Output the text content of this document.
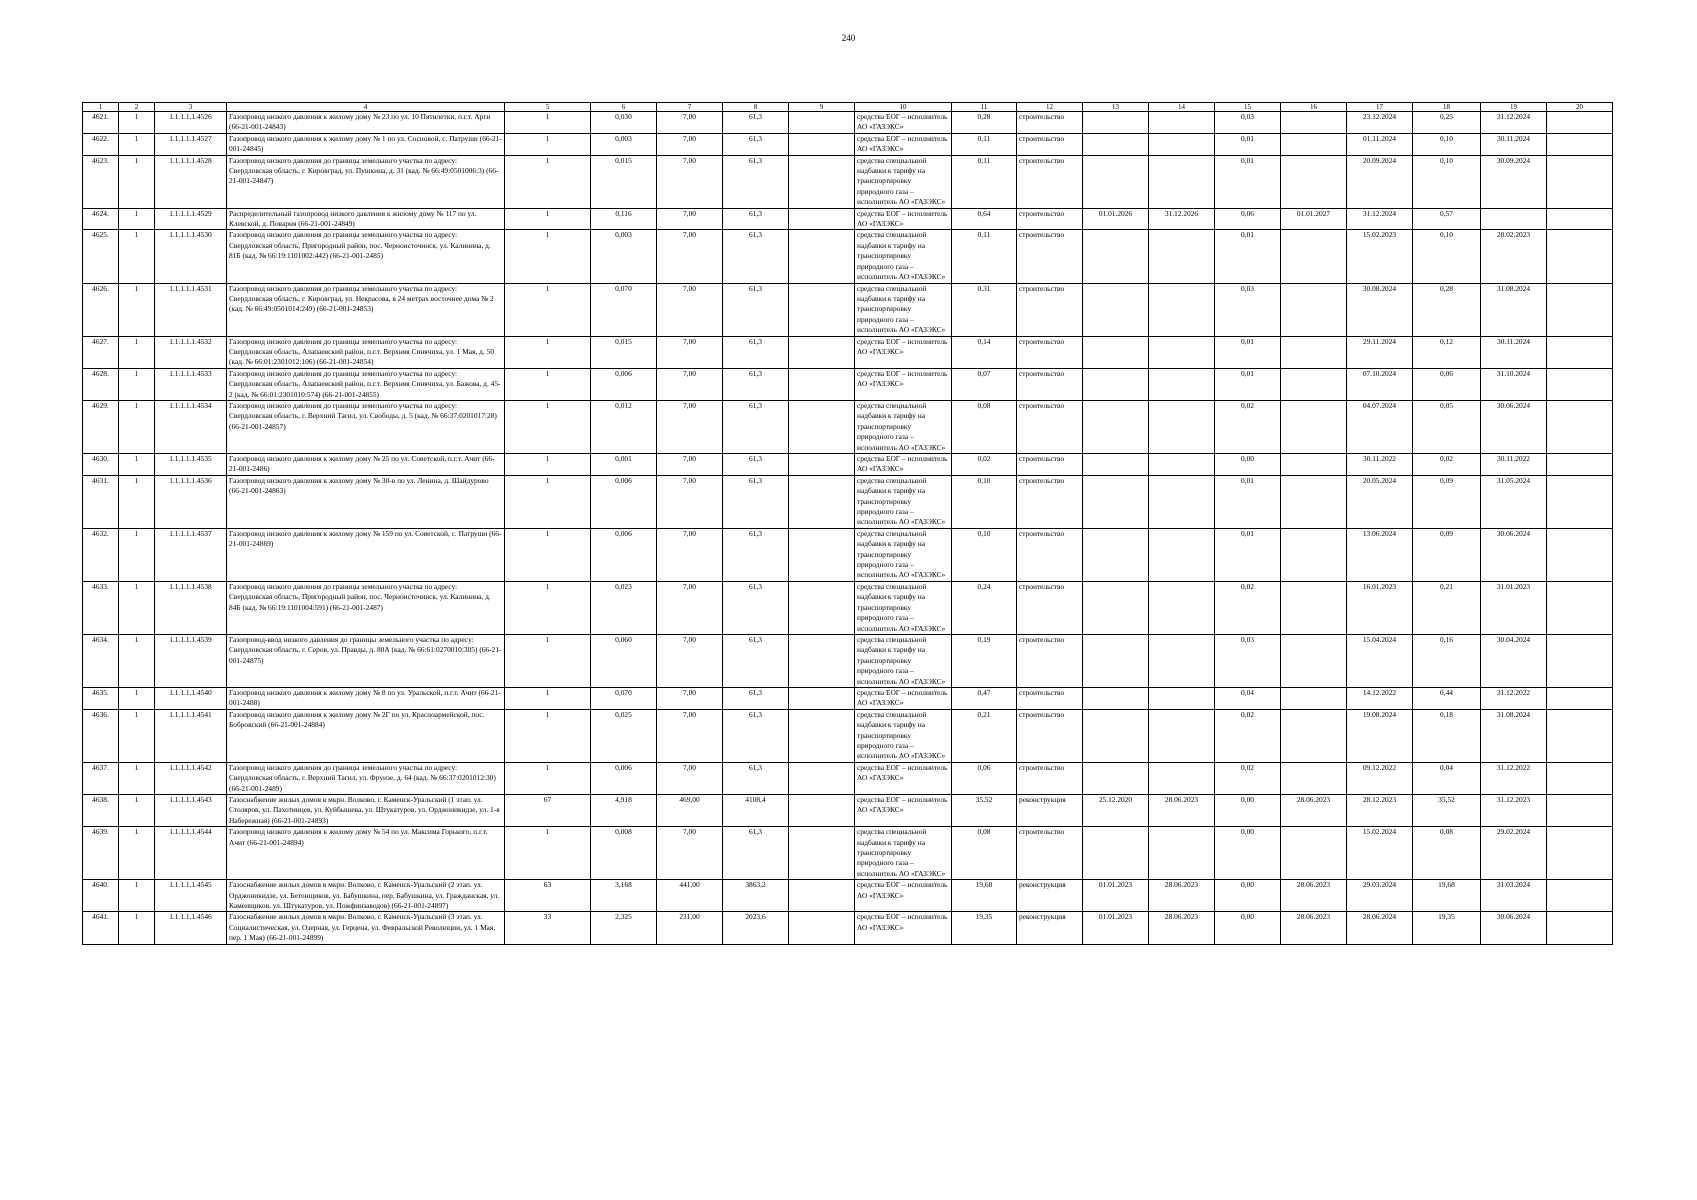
240
1	2	3	4	5	6	7	8	9	10	11	12	13	14	15	16	17	18	19	20
4621.	1	1.1.1.1.1.4526	Газопровод низкого давления к жилому дому № 23 по ул. 10 Пятилетки, п.г.т. Арти (66-21-001-24843)	1	0,030	7,00	61,3		средства ЕОГ – исполнитель АО «ГАЗЭКС»	0,28	строительство			0,03		23.12.2024	0,25	31.12.2024	
4622.	1	1.1.1.1.1.4527	Газопровод низкого давления к жилому дому № 1 по ул. Сосновой, с. Патруши (66-21-001-24845)	1	0,003	7,00	61,3		средства ЕОГ – исполнитель АО «ГАЗЭКС»	0,11	строительство			0,01		01.11.2024	0,10	30.11.2024	
4623.	1	1.1.1.1.1.4528	Газопровод низкого давления до границы земельного участка по адресу: Свердловская область, г. Кировград, ул. Пушкина, д. 31 (кад. № 66:49:0501006:3) (66-21-001-24847)	1	0,015	7,00	61,3		средства специальной надбавки к тарифу на транспортировку природного газа – исполнитель АО «ГАЗЭКС»	0,11	строительство			0,01		20.09.2024	0,10	30.09.2024	
4624.	1	1.1.1.1.1.4529	Распределительный газопровод низкого давления к жилому дому № 117 по ул. Клевской, д. Поварня (66-21-001-24849)	1	0,116	7,00	61,3		средства ЕОГ – исполнитель АО «ГАЗЭКС»	0,64	строительство	01.01.2026	31.12.2026	0,06	01.01.2027	31.12.2024	0,57		
4625.	1	1.1.1.1.1.4530	Газопровод низкого давления до границы земельного участка по адресу: Свердловская область, Пригородный район, пос. Черноисточинск, ул. Калинина, д. 81Б (кад. № 66:19:1101002:442) (66-21-001-2485)	1	0,003	7,00	61,3		средства специальной надбавки к тарифу на транспортировку природного газа – исполнитель АО «ГАЗЭКС»	0,11	строительство			0,01		15.02.2023	0,10	28.02.2023	
4626.	1	1.1.1.1.1.4531	Газопровод низкого давления до границы земельного участка по адресу: Свердловская область, г. Кировград, ул. Некрасова, в 24 метрах восточнее дома № 2 (кад. № 66:49:0501014:249) (66-21-001-24853)	1	0,070	7,00	61,3		средства специальной надбавки к тарифу на транспортировку природного газа – исполнитель АО «ГАЗЭКС»	0,31	строительство			0,03		30.08.2024	0,28	31.08.2024	
4627.	1	1.1.1.1.1.4532	Газопровод низкого давления до границы земельного участка по адресу: Свердловская область, Алапаевский район, п.г.т. Верхняя Синячиха, ул. 1 Мая, д. 50 (кад. № 66:01:2301012:106) (66-21-001-24854)	1	0,015	7,00	61,3		средства ЕОГ – исполнитель АО «ГАЗЭКС»	0,14	строительство			0,01		29.11.2024	0,12	30.11.2024	
4628.	1	1.1.1.1.1.4533	Газопровод низкого давления до границы земельного участка по адресу: Свердловская область, Алапаевский район, п.г.т. Верхняя Синячиха, ул. Бажова, д. 45-2 (кад. № 66:01:2301010:574) (66-21-001-24855)	1	0,006	7,00	61,3		средства ЕОГ – исполнитель АО «ГАЗЭКС»	0,07	строительство			0,01		07.10.2024	0,06	31.10.2024	
4629.	1	1.1.1.1.1.4534	Газопровод низкого давления до границы земельного участка по адресу: Свердловская область, г. Верхний Тагил, ул. Свободы, д. 5 (кад. № 66:37:0201017:28) (66-21-001-24857)	1	0,012	7,00	61,3		средства специальной надбавки к тарифу на транспортировку природного газа – исполнитель АО «ГАЗЭКС»	0,08	строительство			0,02		04.07.2024	0,05	30.06.2024	
4630.	1	1.1.1.1.1.4535	Газопровод низкого давления к жилому дому № 25 по ул. Советской, п.г.т. Ачит (66-21-001-2486)	1	0,001	7,00	61,3		средства ЕОГ – исполнитель АО «ГАЗЭКС»	0,02	строительство			0,00		30.11.2022	0,02	30.11.2022	
4631.	1	1.1.1.1.1.4536	Газопровод низкого давления к жилому дому № 30-в по ул. Ленина, д. Шайдурово (66-21-001-24863)	1	0,006	7,00	61,3		средства специальной надбавки к тарифу на транспортировку природного газа – исполнитель АО «ГАЗЭКС»	0,10	строительство			0,01		20.05.2024	0,09	31.05.2024	
4632.	1	1.1.1.1.1.4537	Газопровод низкого давления к жилому дому № 159 по ул. Советской, с. Патруши (66-21-001-24869)	1	0,006	7,00	61,3		средства специальной надбавки к тарифу на транспортировку природного газа – исполнитель АО «ГАЗЭКС»	0,10	строительство			0,01		13.06.2024	0,09	30.06.2024	
4633.	1	1.1.1.1.1.4538	Газопровод низкого давления до границы земельного участка по адресу: Свердловская область, Пригородный район, пос. Черноисточинск, ул. Калинина, д. 84Б (кад. № 66:19:1101004:591) (66-21-001-2487)	1	0,023	7,00	61,3		средства специальной надбавки к тарифу на транспортировку природного газа – исполнитель АО «ГАЗЭКС»	0,24	строительство			0,02		16.01.2023	0,21	31.01.2023	
4634.	1	1.1.1.1.1.4539	Газопровод-ввод низкого давления до границы земельного участка по адресу: Свердловская область, г. Серов, ул. Правды, д. 80А (кад. № 66:61:0270010:305) (66-21-001-24875)	1	0,060	7,00	61,3		средства специальной надбавки к тарифу на транспортировку природного газа – исполнитель АО «ГАЗЭКС»	0,19	строительство			0,03		15.04.2024	0,16	30.04.2024	
4635.	1	1.1.1.1.1.4540	Газопровод низкого давления к жилому дому № 8 по ул. Уральской, п.г.т. Ачит (66-21-001-2488)	1	0,070	7,00	61,3		средства ЕОГ – исполнитель АО «ГАЗЭКС»	0,47	строительство			0,04		14.12.2022	0,44	31.12.2022	
4636.	1	1.1.1.1.1.4541	Газопровод низкого давления к жилому дому № 2Г по ул. Красноармейской, пос. Бобровский (66-21-001-24884)	1	0,025	7,00	61,3		средства специальной надбавки к тарифу на транспортировку природного газа – исполнитель АО «ГАЗЭКС»	0,21	строительство			0,02		19.08.2024	0,18	31.08.2024	
4637.	1	1.1.1.1.1.4542	Газопровод низкого давления до границы земельного участка по адресу: Свердловская область, г. Верхний Тагил, ул. Фрунзе, д. 64 (кад. № 66:37:0201012:30) (66-21-001-2489)	1	0,006	7,00	61,3		средства ЕОГ – исполнитель АО «ГАЗЭКС»	0,06	строительство			0,02		09.12.2022	0,04	31.12.2022	
4638.	1	1.1.1.1.1.4543	Газоснабжение жилых домов в мкрн. Волково, г. Каменск-Уральский (1 этап. ул. Столяров, ул. Пахотинцев, ул. Куйбышева, ул. Штукатуров, ул. Орджоникидзе, ул. 1-я Набережная) (66-21-001-24893)	67	4,918	469,00	4108,4		средства ЕОГ – исполнитель АО «ГАЗЭКС»	35,52	реконструкция	25.12.2020	28.06.2023	0,00	28.06.2023	28.12.2023	35,52	31.12.2023	
4639.	1	1.1.1.1.1.4544	Газопровод низкого давления к жилому дому № 54 по ул. Максима Горького, п.г.т. Ачит (66-21-001-24894)	1	0,008	7,00	61,3		средства специальной надбавки к тарифу на транспортировку природного газа – исполнитель АО «ГАЗЭКС»	0,08	строительство			0,00		15.02.2024	0,08	29.02.2024	
4640.	1	1.1.1.1.1.4545	Газоснабжение жилых домов в мкрн. Волково, г. Каменск-Уральский (2 этап. ул. Орджоникидзе, ул. Бетонщиков, ул. Бабушкина, пер. Бабушкина, ул. Гражданская, ул. Каменщиков, ул. Штукатуров, ул. Пожфинзаводов) (66-21-001-24897)	63	3,168	441,00	3863,2		средства ЕОГ – исполнитель АО «ГАЗЭКС»	19,68	реконструкция	01.01.2023	28.06.2023	0,00	28.06.2023	29.03.2024	19,68	31.03.2024	
4641.	1	1.1.1.1.1.4546	Газоснабжение жилых домов в мкрн. Волково, г. Каменск-Уральский (3 этап. ул. Социалистическая, ул. Озерная, ул. Герцена, ул. Февральской Революции, ул. 1 Мая, пер. 1 Мая) (66-21-001-24899)	33	2,325	231,00	2023,6		средства ЕОГ – исполнитель АО «ГАЗЭКС»	19,35	реконструкция	01.01.2023	28.06.2023	0,00	28.06.2023	28.06.2024	19,35	30.06.2024	
